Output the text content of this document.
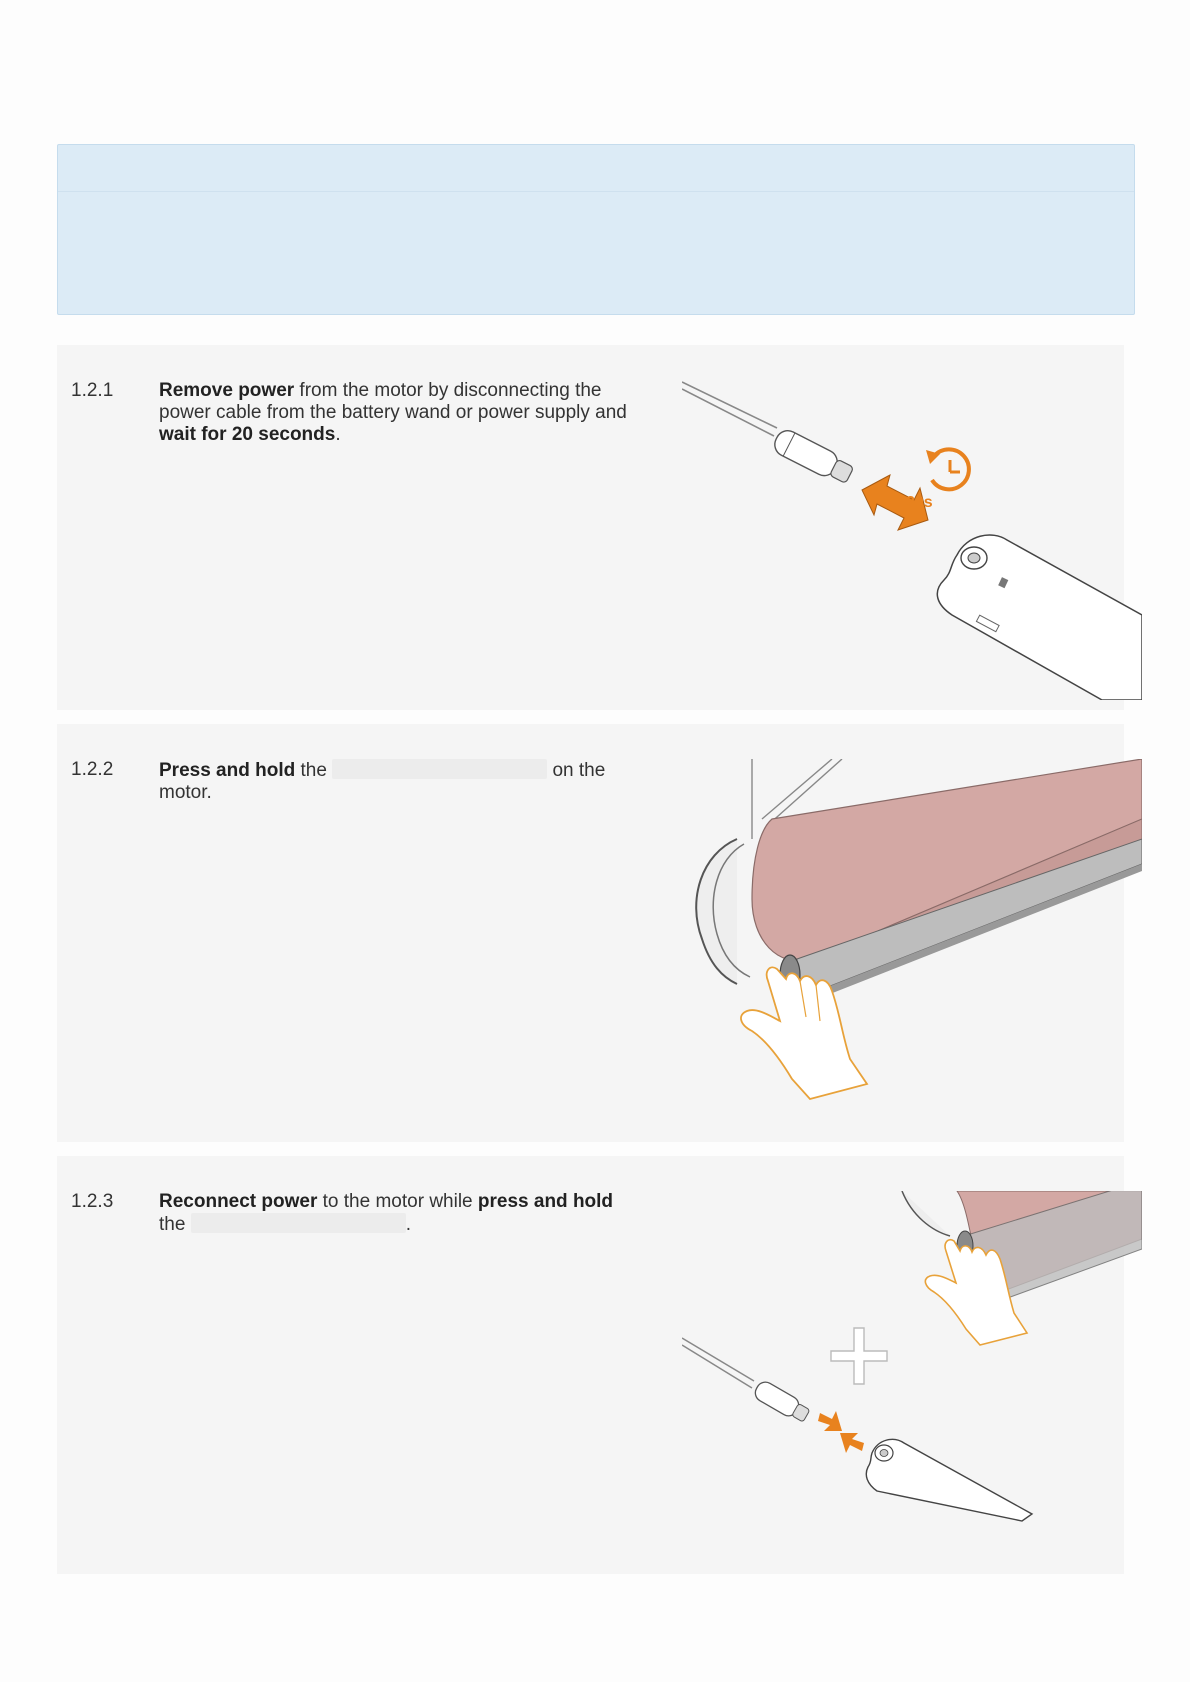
1.2.1 Remove power from the motor by disconnecting the power cable from the battery wand or power supply and wait for 20 seconds.
20s
1.2.2 Press and hold the	on the motor.
1.2.3 Reconnect power to the motor while press and hold the	.
